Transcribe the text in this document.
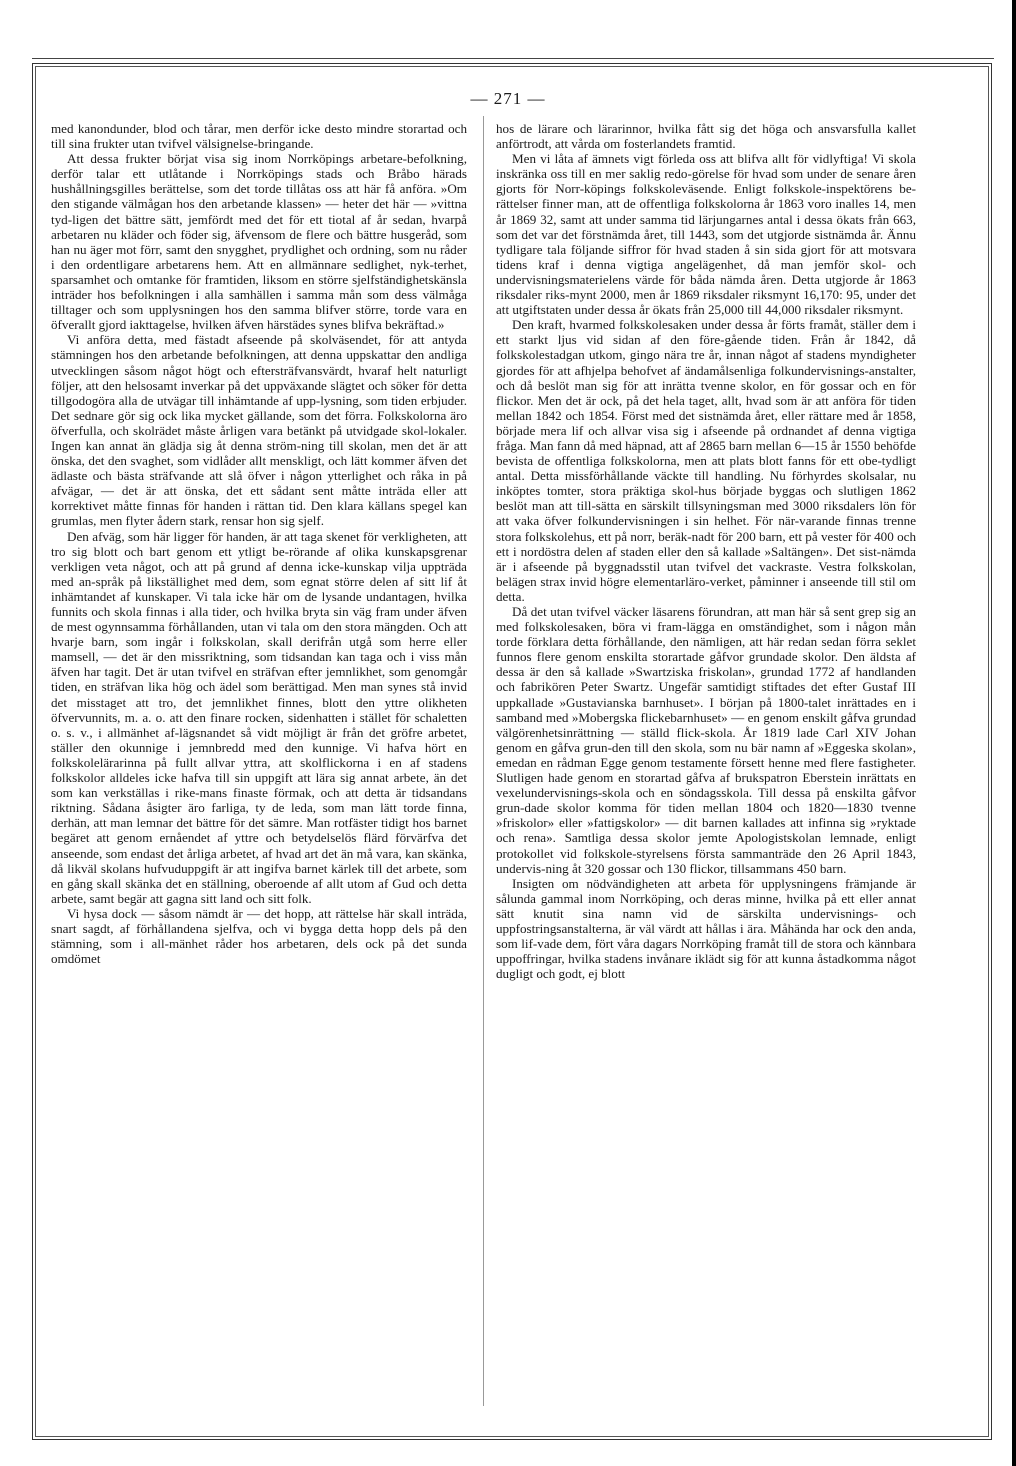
— 271 —

med kanondunder, blod och tårar, men derför icke desto mindre storartad och till sina frukter utan tvifvel välsignelse-bringande.

Att dessa frukter börjat visa sig inom Norrköpings arbetare-befolkning, derför talar ett utlåtande i Norrköpings stads och Bråbo härads hushållningsgilles berättelse, som det torde tillåtas oss att här få anföra. »Om den stigande välmågan hos den arbetande klassen» — heter det här — »vittna tyd-ligen det bättre sätt, jemfördt med det för ett tiotal af år sedan, hvarpå arbetaren nu kläder och föder sig, äfvensom de flere och bättre husgeråd, som han nu äger mot förr, samt den snygghet, prydlighet och ordning, som nu råder i den ordentligare arbetarens hem. Att en allmännare sedlighet, nyk-terhet, sparsamhet och omtanke för framtiden, liksom en större sjelfständighetskänsla inträder hos befolkningen i alla samhällen i samma mån som dess välmåga tilltager och som upplysningen hos den samma blifver större, torde vara en öfverallt gjord iakttagelse, hvilken äfven härstädes synes blifva bekräftad.»

Vi anföra detta, med fästadt afseende på skolväsendet, för att antyda stämningen hos den arbetande befolkningen, att denna uppskattar den andliga utvecklingen såsom något högt och eftersträfvansvärdt, hvaraf helt naturligt följer, att den helsosamt inverkar på det uppväxande slägtet och söker för detta tillgodogöra alla de utvägar till inhämtande af upp-lysning, som tiden erbjuder. Det sednare gör sig ock lika mycket gällande, som det förra. Folkskolorna äro öfverfulla, och skolrädet måste årligen vara betänkt på utvidgade skol-lokaler. Ingen kan annat än glädja sig åt denna ström-ning till skolan, men det är att önska, det den svaghet, som vidlåder allt menskligt, och lätt kommer äfven det ädlaste och bästa sträfvande att slå öfver i någon ytterlighet och råka in på afvägar, — det är att önska, det ett sådant sent måtte inträda eller att korrektivet måtte finnas för handen i rättan tid. Den klara källans spegel kan grumlas, men flyter ådern stark, rensar hon sig sjelf.

Den afväg, som här ligger för handen, är att taga skenet för verkligheten, att tro sig blott och bart genom ett ytligt be-rörande af olika kunskapsgrenar verkligen veta något, och att på grund af denna icke-kunskap vilja uppträda med an-språk på likställighet med dem, som egnat större delen af sitt lif åt inhämtandet af kunskaper. Vi tala icke här om de lysande undantagen, hvilka funnits och skola finnas i alla tider, och hvilka bryta sin väg fram under äfven de mest ogynnsamma förhållanden, utan vi tala om den stora mängden. Och att hvarje barn, som ingår i folkskolan, skall derifrån utgå som herre eller mamsell, — det är den missriktning, som tidsandan kan taga och i viss mån äfven har tagit. Det är utan tvifvel en sträfvan efter jemnlikhet, som genomgår tiden, en sträfvan lika hög och ädel som berättigad. Men man synes stå invid det misstaget att tro, det jemnlikhet finnes, blott den yttre olikheten öfvervunnits, m. a. o. att den finare rocken, sidenhatten i stället för schaletten o. s. v., i allmänhet af-lägsnandet så vidt möjligt är från det gröfre arbetet, ställer den okunnige i jemnbredd med den kunnige. Vi hafva hört en folkskolelärarinna på fullt allvar yttra, att skolflickorna i en af stadens folkskolor alldeles icke hafva till sin uppgift att lära sig annat arbete, än det som kan verkställas i rike-mans finaste förmak, och att detta är tidsandans riktning. Sådana åsigter äro farliga, ty de leda, som man lätt torde finna, derhän, att man lemnar det bättre för det sämre. Man rotfäster tidigt hos barnet begäret att genom ernåendet af yttre och betydelselös flärd förvärfva det anseende, som endast det årliga arbetet, af hvad art det än må vara, kan skänka, då likväl skolans hufvuduppgift är att ingifva barnet kärlek till det arbete, som en gång skall skänka det en ställning, oberoende af allt utom af Gud och detta arbete, samt begär att gagna sitt land och sitt folk.

Vi hysa dock — såsom nämdt är — det hopp, att rättelse här skall inträda, snart sagdt, af förhållandena sjelfva, och vi bygga detta hopp dels på den stämning, som i all-mänhet råder hos arbetaren, dels ock på det sunda omdömet

hos de lärare och lärarinnor, hvilka fått sig det höga och ansvarsfulla kallet anförtrodt, att vårda om fosterlandets framtid.

Men vi låta af ämnets vigt förleda oss att blifva allt för vidlyftiga! Vi skola inskränka oss till en mer saklig redo-görelse för hvad som under de senare åren gjorts för Norr-köpings folkskoleväsende. Enligt folkskole-inspektörens be-rättelser finner man, att de offentliga folkskolorna år 1863 voro inalles 14, men år 1869 32, samt att under samma tid lärjungarnes antal i dessa ökats från 663, som det var det förstnämda året, till 1443, som det utgjorde sistnämda år. Ännu tydligare tala följande siffror för hvad staden å sin sida gjort för att motsvara tidens kraf i denna vigtiga angelägenhet, då man jemför skol- och undervisningsmaterielens värde för båda nämda åren. Detta utgjorde år 1863 riksdaler riks-mynt 2000, men år 1869 riksdaler riksmynt 16,170: 95, under det att utgiftstaten under dessa år ökats från 25,000 till 44,000 riksdaler riksmynt.

Den kraft, hvarmed folkskolesaken under dessa år förts framåt, ställer dem i ett starkt ljus vid sidan af den före-gående tiden. Från år 1842, då folkskolestadgan utkom, gingo nära tre år, innan något af stadens myndigheter gjordes för att afhjelpa behofvet af ändamålsenliga folkundervisnings-anstalter, och då beslöt man sig för att inrätta tvenne skolor, en för gossar och en för flickor. Men det är ock, på det hela taget, allt, hvad som är att anföra för tiden mellan 1842 och 1854. Först med det sistnämda året, eller rättare med år 1858, började mera lif och allvar visa sig i afseende på ordnandet af denna vigtiga fråga. Man fann då med häpnad, att af 2865 barn mellan 6—15 år 1550 behöfde bevista de offentliga folkskolorna, men att plats blott fanns för ett obe-tydligt antal. Detta missförhållande väckte till handling. Nu förhyrdes skolsalar, nu inköptes tomter, stora präktiga skol-hus började byggas och slutligen 1862 beslöt man att till-sätta en särskilt tillsyningsman med 3000 riksdalers lön för att vaka öfver folkundervisningen i sin helhet. För när-varande finnas trenne stora folkskolehus, ett på norr, beräk-nadt för 200 barn, ett på vester för 400 och ett i nordöstra delen af staden eller den så kallade »Saltängen». Det sist-nämda är i afseende på byggnadsstil utan tvifvel det vackraste. Vestra folkskolan, belägen strax invid högre elementarläro-verket, påminner i anseende till stil om detta.

Då det utan tvifvel väcker läsarens förundran, att man här så sent grep sig an med folkskolesaken, böra vi fram-lägga en omständighet, som i någon mån torde förklara detta förhållande, den nämligen, att här redan sedan förra seklet funnos flere genom enskilta storartade gåfvor grundade skolor. Den äldsta af dessa är den så kallade »Swartziska friskolan», grundad 1772 af handlanden och fabrikören Peter Swartz. Ungefär samtidigt stiftades det efter Gustaf III uppkallade »Gustavianska barnhuset». I början på 1800-talet inrättades en i samband med »Mobergska flickebarnhuset» — en genom enskilt gåfva grundad välgörenhetsinrättning — ställd flick-skola. År 1819 lade Carl XIV Johan genom en gåfva grun-den till den skola, som nu bär namn af »Eggeska skolan», emedan en rådman Egge genom testamente försett henne med flere fastigheter. Slutligen hade genom en storartad gåfva af brukspatron Eberstein inrättats en vexelundervisnings-skola och en söndagsskola. Till dessa på enskilta gåfvor grun-dade skolor komma för tiden mellan 1804 och 1820—1830 tvenne »friskolor» eller »fattigskolor» — dit barnen kallades att infinna sig »ryktade och rena». Samtliga dessa skolor jemte Apologistskolan lemnade, enligt protokollet vid folkskole-styrelsens första sammanträde den 26 April 1843, undervis-ning åt 320 gossar och 130 flickor, tillsammans 450 barn.

Insigten om nödvändigheten att arbeta för upplysningens främjande är sålunda gammal inom Norrköping, och deras minne, hvilka på ett eller annat sätt knutit sina namn vid de särskilta undervisnings- och uppfostringsanstalterna, är väl värdt att hållas i ära. Måhända har ock den anda, som lif-vade dem, fört våra dagars Norrköping framåt till de stora och kännbara uppoffringar, hvilka stadens invånare iklädt sig för att kunna åstadkomma något dugligt och godt, ej blott
